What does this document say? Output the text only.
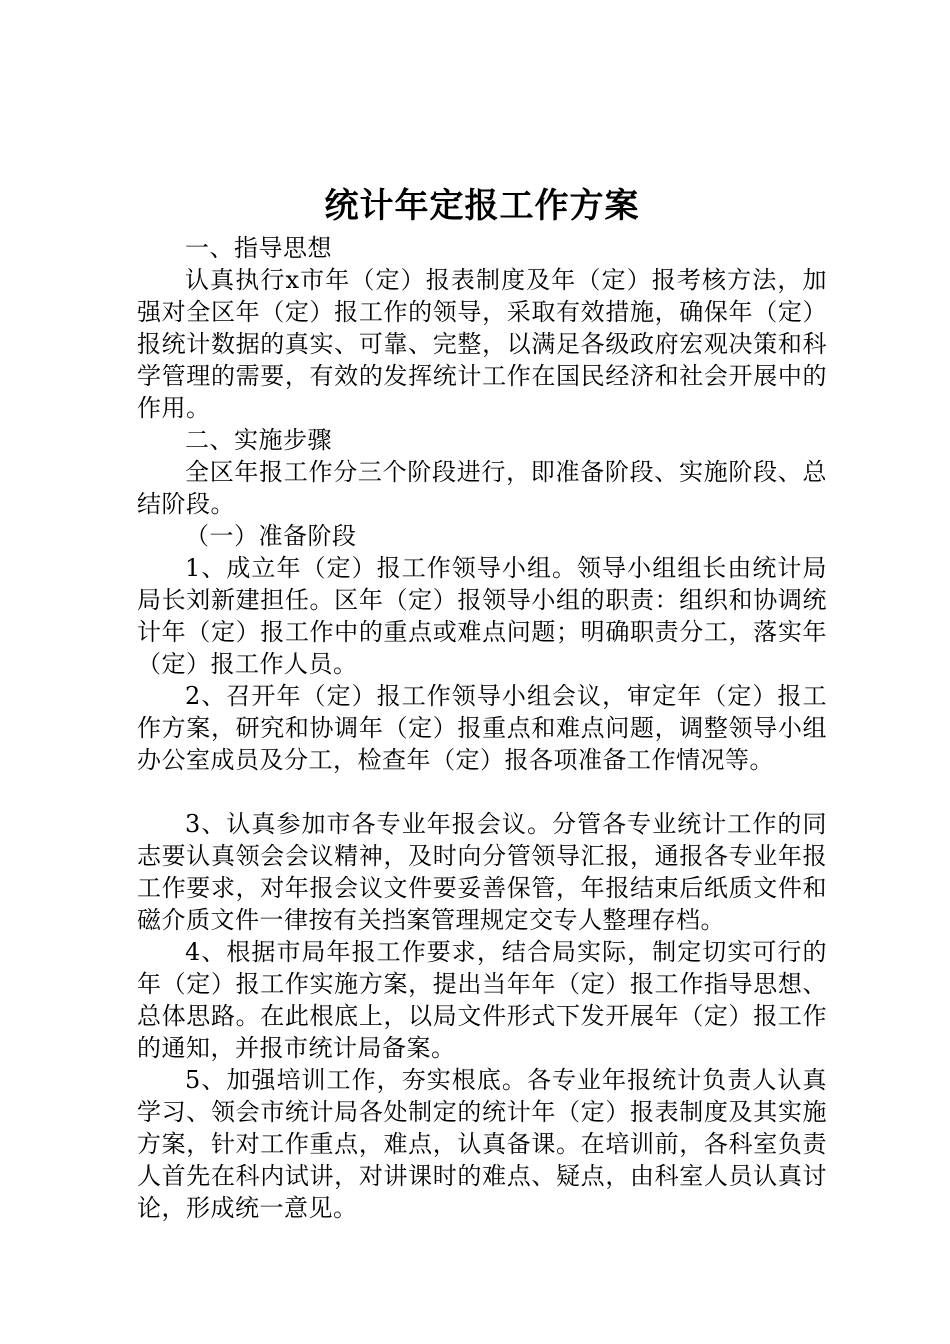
统计年定报工作方案

一、指导思想

认真执行x市年（定）报表制度及年（定）报考核方法，加强对全区年（定）报工作的领导，采取有效措施，确保年（定）报统计数据的真实、可靠、完整，以满足各级政府宏观决策和科学管理的需要，有效的发挥统计工作在国民经济和社会开展中的作用。

二、实施步骤

全区年报工作分三个阶段进行，即准备阶段、实施阶段、总结阶段。

（一）准备阶段

1、成立年（定）报工作领导小组。领导小组组长由统计局局长刘新建担任。区年（定）报领导小组的职责：组织和协调统计年（定）报工作中的重点或难点问题；明确职责分工，落实年（定）报工作人员。

2、召开年（定）报工作领导小组会议，审定年（定）报工作方案，研究和协调年（定）报重点和难点问题，调整领导小组办公室成员及分工，检查年（定）报各项准备工作情况等。

3、认真参加市各专业年报会议。分管各专业统计工作的同志要认真领会会议精神，及时向分管领导汇报，通报各专业年报工作要求，对年报会议文件要妥善保管，年报结束后纸质文件和磁介质文件一律按有关挡案管理规定交专人整理存档。

4、根据市局年报工作要求，结合局实际，制定切实可行的年（定）报工作实施方案，提出当年年（定）报工作指导思想、总体思路。在此根底上，以局文件形式下发开展年（定）报工作的通知，并报市统计局备案。

5、加强培训工作，夯实根底。各专业年报统计负责人认真学习、领会市统计局各处制定的统计年（定）报表制度及其实施方案，针对工作重点，难点，认真备课。在培训前，各科室负责人首先在科内试讲，对讲课时的难点、疑点，由科室人员认真讨论，形成统一意见。
